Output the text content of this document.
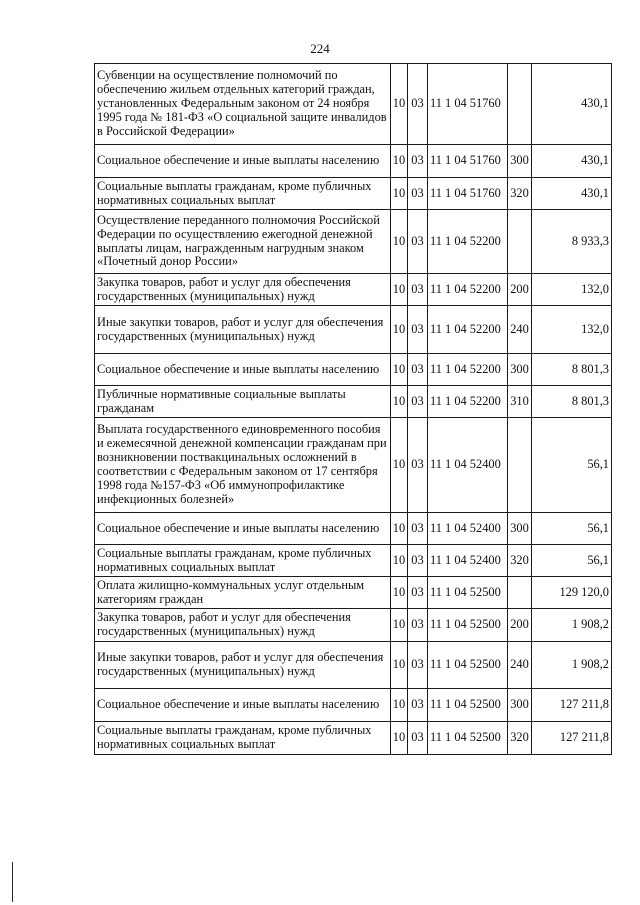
224
Субвенции на осуществление полномочий по обеспечению жильем отдельных категорий граждан, установленных Федеральным законом от 24 ноября 1995 года № 181-ФЗ «О социальной защите инвалидов в Российской Федерации»	10	03	11 1 04 51760		430,1
Социальное обеспечение и иные выплаты населению	10	03	11 1 04 51760	300	430,1
Социальные выплаты гражданам, кроме публичных нормативных социальных выплат	10	03	11 1 04 51760	320	430,1
Осуществление переданного полномочия Российской Федерации по осуществлению ежегодной денежной выплаты лицам, награжденным нагрудным знаком «Почетный донор России»	10	03	11 1 04 52200		8 933,3
Закупка товаров, работ и услуг для обеспечения государственных (муниципальных) нужд	10	03	11 1 04 52200	200	132,0
Иные закупки товаров, работ и услуг для обеспечения государственных (муниципальных) нужд	10	03	11 1 04 52200	240	132,0
Социальное обеспечение и иные выплаты населению	10	03	11 1 04 52200	300	8 801,3
Публичные нормативные социальные выплаты гражданам	10	03	11 1 04 52200	310	8 801,3
Выплата государственного единовременного пособия и ежемесячной денежной компенсации гражданам при возникновении поствакцинальных осложнений в соответствии с Федеральным законом от 17 сентября 1998 года №157-ФЗ «Об иммунопрофилактике инфекционных болезней»	10	03	11 1 04 52400		56,1
Социальное обеспечение и иные выплаты населению	10	03	11 1 04 52400	300	56,1
Социальные выплаты гражданам, кроме публичных нормативных социальных выплат	10	03	11 1 04 52400	320	56,1
Оплата жилищно-коммунальных услуг отдельным категориям граждан	10	03	11 1 04 52500		129 120,0
Закупка товаров, работ и услуг для обеспечения государственных (муниципальных) нужд	10	03	11 1 04 52500	200	1 908,2
Иные закупки товаров, работ и услуг для обеспечения государственных (муниципальных) нужд	10	03	11 1 04 52500	240	1 908,2
Социальное обеспечение и иные выплаты населению	10	03	11 1 04 52500	300	127 211,8
Социальные выплаты гражданам, кроме публичных нормативных социальных выплат	10	03	11 1 04 52500	320	127 211,8
